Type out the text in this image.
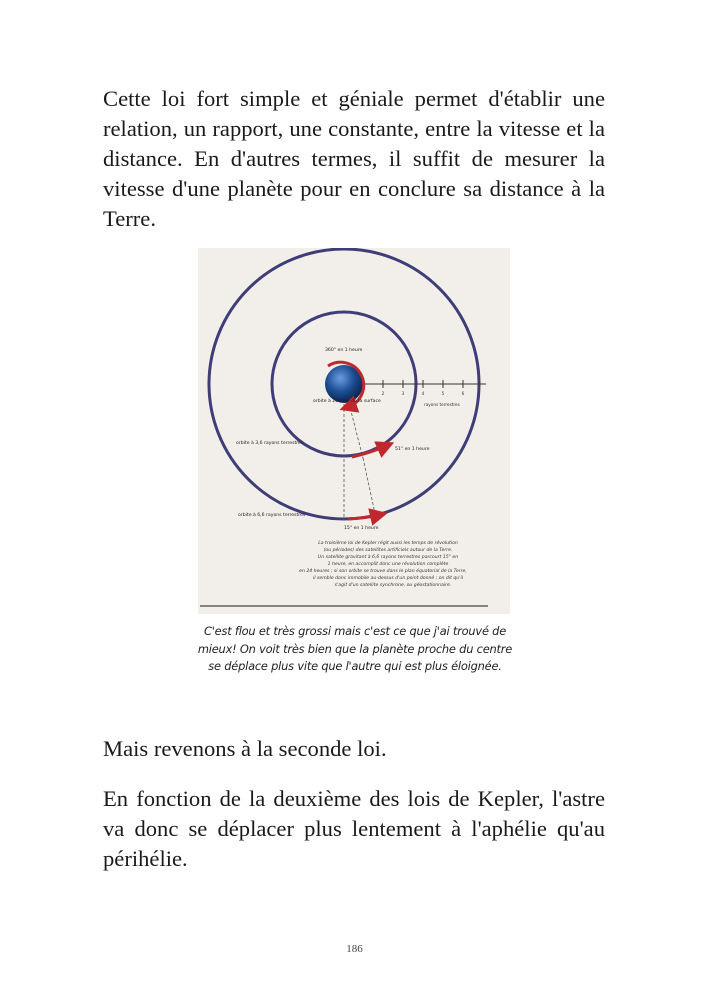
Cette loi fort simple et géniale permet d'établir une relation, un rapport, une constante, entre la vitesse et la distance. En d'autres termes, il suffit de mesurer la vitesse d'une planète pour en conclure sa distance à la Terre.

2	3	4	5	6
rayons terrestres
360° en 1 heure
51° en 1 heure
15° en 1 heure
orbite à 200 km de la surface
orbite à 3,6 rayons terrestres
orbite à 6,6 rayons terrestres
La troisième loi de Kepler régit aussi les temps de révolution
(ou périodes) des satellites artificiels autour de la Terre.
Un satellite gravitant à 6,6 rayons terrestres parcourt 15° en
1 heure, en accomplit donc une révolution complète
en 24 heures ; si son orbite se trouve dans le plan équatorial de la Terre,
il semble donc immobile au-dessus d'un point donné ; on dit qu'il
s'agit d'un satellite synchrone, ou géostationnaire.

C'est flou et très grossi mais c'est ce que j'ai trouvé de mieux! On voit très bien que la planète proche du centre se déplace plus vite que l'autre qui est plus éloignée.

Mais revenons à la seconde loi.

En fonction de la deuxième des lois de Kepler, l'astre va donc se déplacer plus lentement à l'aphélie qu'au périhélie.

186
